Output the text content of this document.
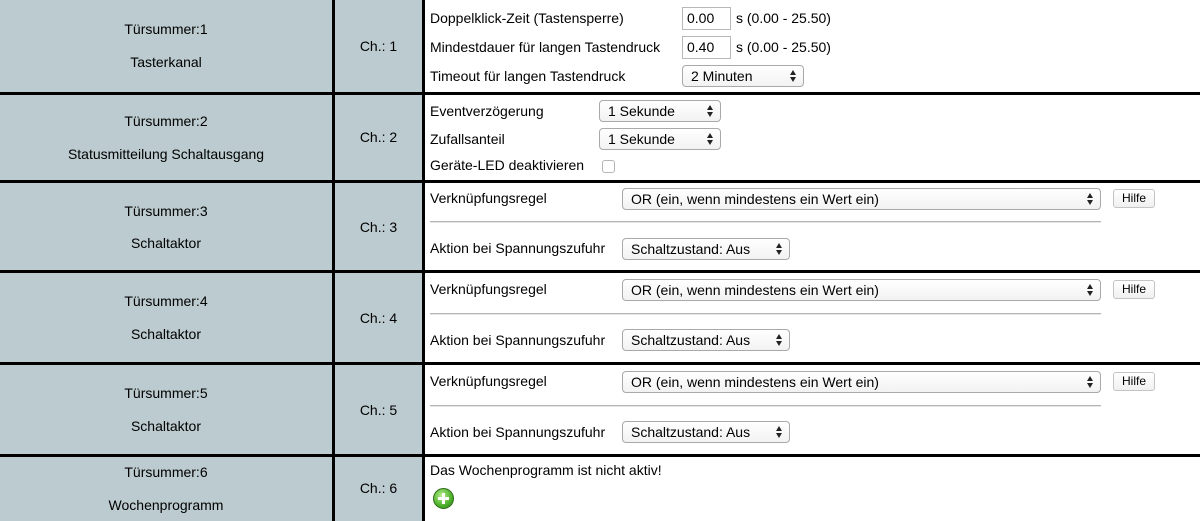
Türsummer:1
Tasterkanal
Ch.: 1
Doppelklick-Zeit (Tastensperre)	0.00	s (0.00 - 25.50)
Mindestdauer für langen Tastendruck	0.40	s (0.00 - 25.50)
Timeout für langen Tastendruck	2 Minuten
Türsummer:2
Statusmitteilung Schaltausgang
Ch.: 2
Eventverzögerung	1 Sekunde
Zufallsanteil	1 Sekunde
Geräte-LED deaktivieren
Türsummer:3
Schaltaktor
Ch.: 3
Verknüpfungsregel	OR (ein, wenn mindestens ein Wert ein)	Hilfe
Aktion bei Spannungszufuhr	Schaltzustand: Aus
Türsummer:4
Schaltaktor
Ch.: 4
Verknüpfungsregel	OR (ein, wenn mindestens ein Wert ein)	Hilfe
Aktion bei Spannungszufuhr	Schaltzustand: Aus
Türsummer:5
Schaltaktor
Ch.: 5
Verknüpfungsregel	OR (ein, wenn mindestens ein Wert ein)	Hilfe
Aktion bei Spannungszufuhr	Schaltzustand: Aus
Türsummer:6
Wochenprogramm
Ch.: 6
Das Wochenprogramm ist nicht aktiv!
